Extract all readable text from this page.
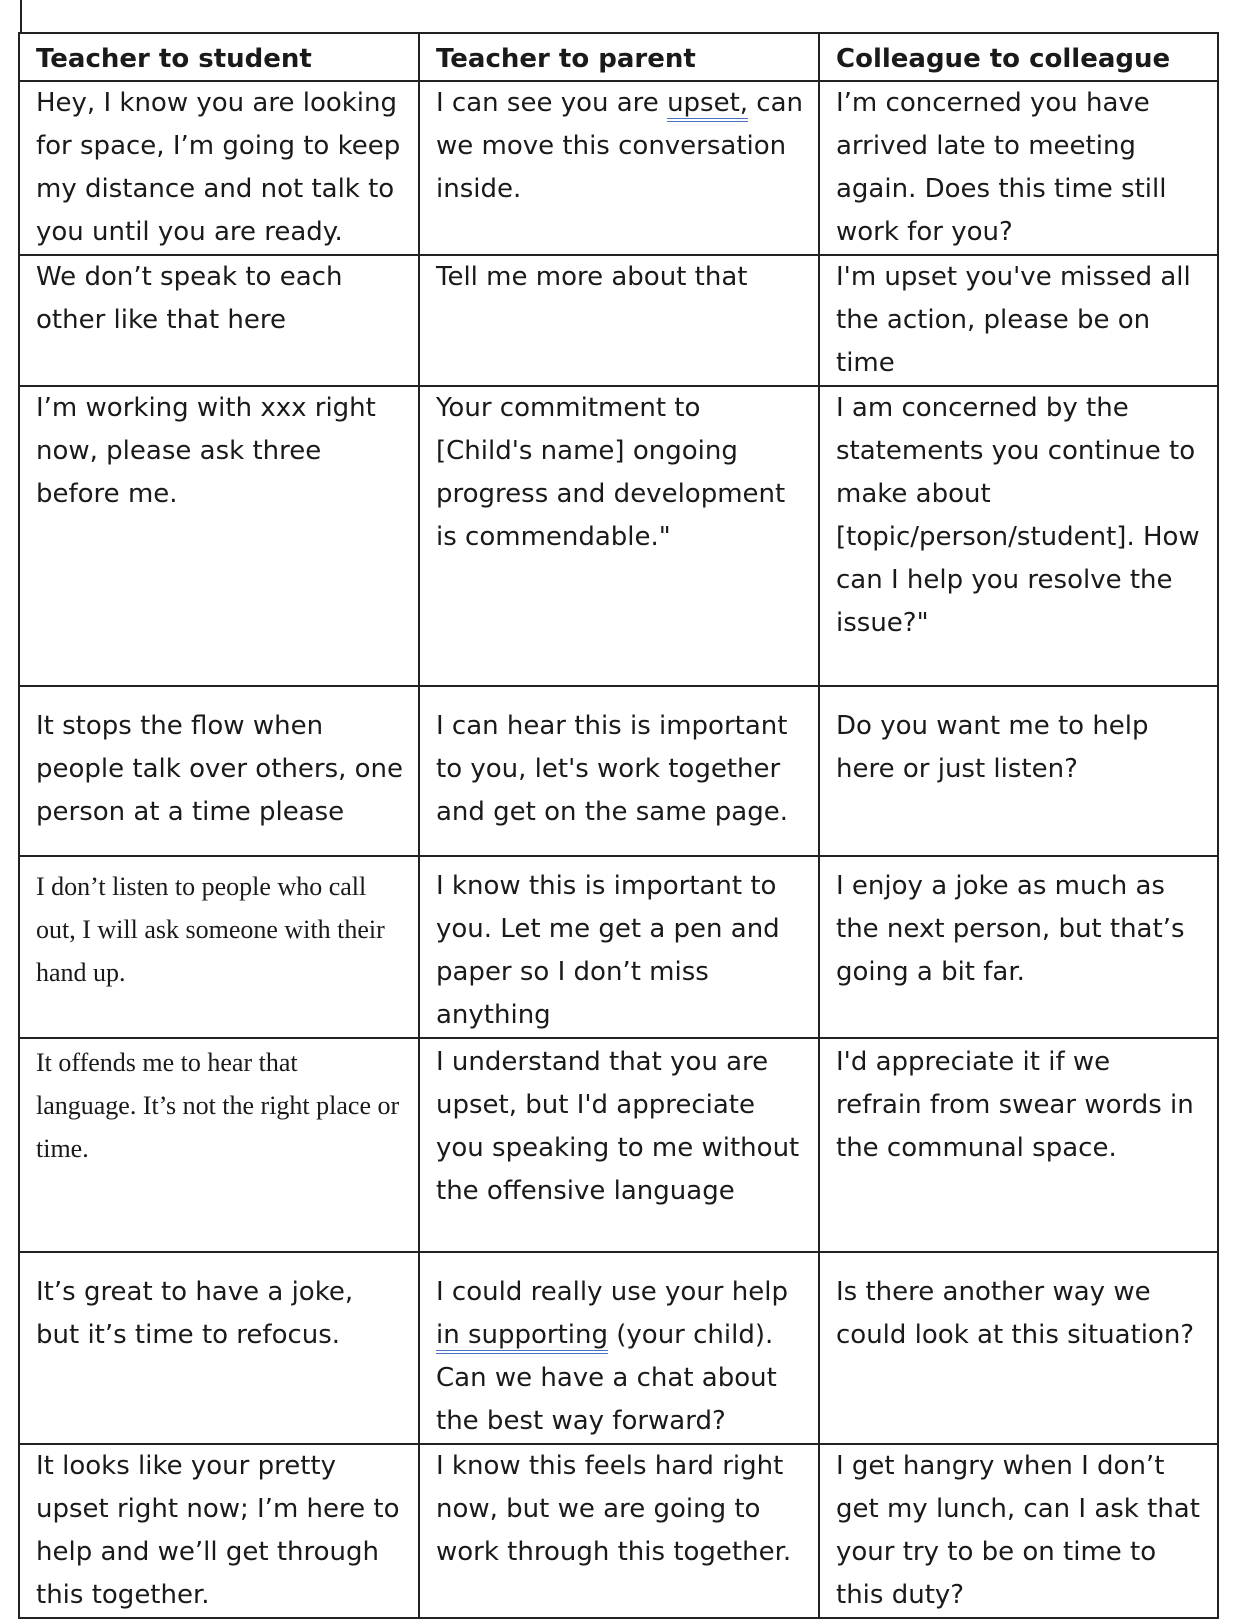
Teacher to student	Teacher to parent	Colleague to colleague
Hey, I know you are looking for space, I’m going to keep my distance and not talk to you until you are ready.	I can see you are upset, can we move this conversation inside.	I’m concerned you have arrived late to meeting again. Does this time still work for you?
We don’t speak to each other like that here	Tell me more about that	I'm upset you've missed all the action, please be on time
I’m working with xxx right now, please ask three before me.	Your commitment to [Child's name] ongoing progress and development is commendable."	I am concerned by the statements you continue to make about [topic/person/student]. How can I help you resolve the issue?"
It stops the flow when people talk over others, one person at a time please	I can hear this is important to you, let's work together and get on the same page.	Do you want me to help here or just listen?
I don’t listen to people who call out, I will ask someone with their hand up.	I know this is important to you. Let me get a pen and paper so I don’t miss anything	I enjoy a joke as much as the next person, but that’s going a bit far.
It offends me to hear that language. It’s not the right place or time.	I understand that you are upset, but I'd appreciate you speaking to me without the offensive language	I'd appreciate it if we refrain from swear words in the communal space.
It’s great to have a joke, but it’s time to refocus.	I could really use your help in supporting (your child). Can we have a chat about the best way forward?	Is there another way we could look at this situation?
It looks like your pretty upset right now; I’m here to help and we’ll get through this together.	I know this feels hard right now, but we are going to work through this together.	I get hangry when I don’t get my lunch, can I ask that your try to be on time to this duty?
